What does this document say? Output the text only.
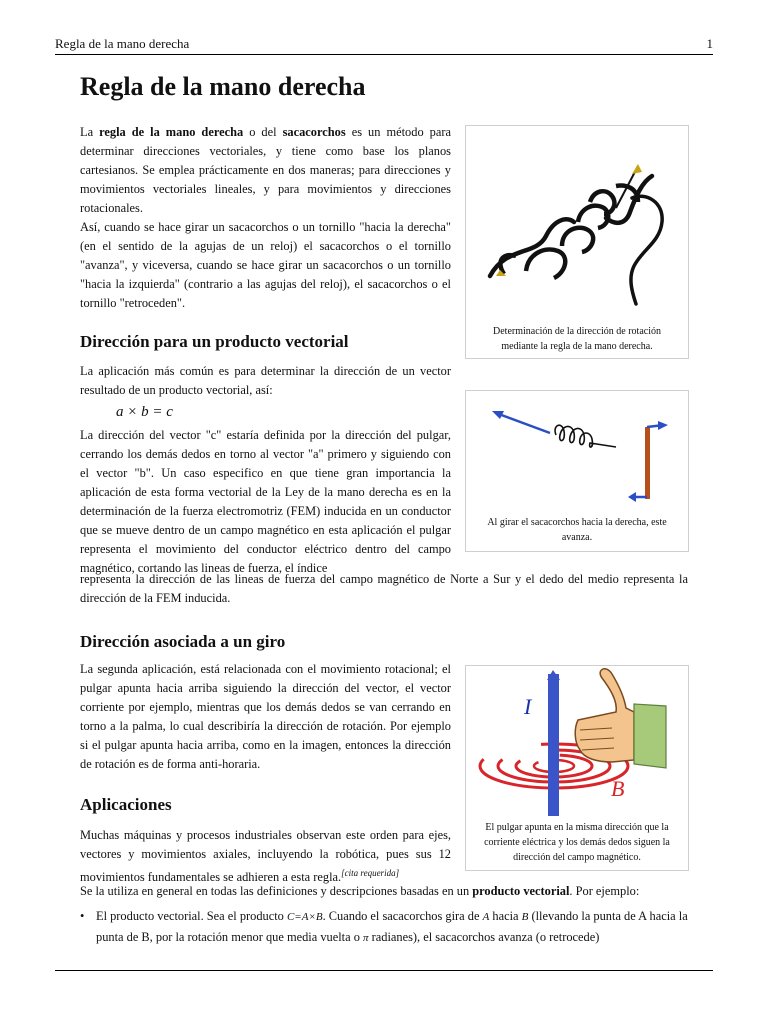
Regla de la mano derecha	1
Regla de la mano derecha

La regla de la mano derecha o del sacacorchos es un método para determinar direcciones vectoriales, y tiene como base los planos cartesianos. Se emplea prácticamente en dos maneras; para direcciones y movimientos vectoriales lineales, y para movimientos y direcciones rotacionales.

Así, cuando se hace girar un sacacorchos o un tornillo "hacia la derecha" (en el sentido de la agujas de un reloj) el sacacorchos o el tornillo "avanza", y viceversa, cuando se hace girar un sacacorchos o un tornillo "hacia la izquierda" (contrario a las agujas del reloj), el sacacorchos o el tornillo "retroceden".

Determinación de la dirección de rotación mediante la regla de la mano derecha.
Dirección para un producto vectorial

La aplicación más común es para determinar la dirección de un vector resultado de un producto vectorial, así:

a × b = c

La dirección del vector "c" estaría definida por la dirección del pulgar, cerrando los demás dedos en torno al vector "a" primero y siguiendo con el vector "b". Un caso especifico en que tiene gran importancia la aplicación de esta forma vectorial de la Ley de la mano derecha es en la determinación de la fuerza electromotriz (FEM) inducida en un conductor que se mueve dentro de un campo magnético en esta aplicación el pulgar representa el movimiento del conductor eléctrico dentro del campo magnético, cortando las lineas de fuerza, el índice

representa la dirección de las lineas de fuerza del campo magnético de Norte a Sur y el dedo del medio representa la dirección de la FEM inducida.

Al girar el sacacorchos hacia la derecha, este avanza.
Dirección asociada a un giro

La segunda aplicación, está relacionada con el movimiento rotacional; el pulgar apunta hacia arriba siguiendo la dirección del vector, el vector corriente por ejemplo, mientras que los demás dedos se van cerrando en torno a la palma, lo cual describiría la dirección de rotación. Por ejemplo si el pulgar apunta hacia arriba, como en la imagen, entonces la dirección de rotación es de forma anti-horaria.

I
B
El pulgar apunta en la misma dirección que la corriente eléctrica y los demás dedos siguen la dirección del campo magnético.
Aplicaciones

Muchas máquinas y procesos industriales observan este orden para ejes, vectores y movimientos axiales, incluyendo la robótica, pues sus 12 movimientos fundamentales se adhieren a esta regla.[cita requerida]

Se la utiliza en general en todas las definiciones y descripciones basadas en un producto vectorial. Por ejemplo:

• El producto vectorial. Sea el producto C=A×B. Cuando el sacacorchos gira de A hacia B (llevando la punta de A hacia la punta de B, por la rotación menor que media vuelta o π radianes), el sacacorchos avanza (o retrocede)
